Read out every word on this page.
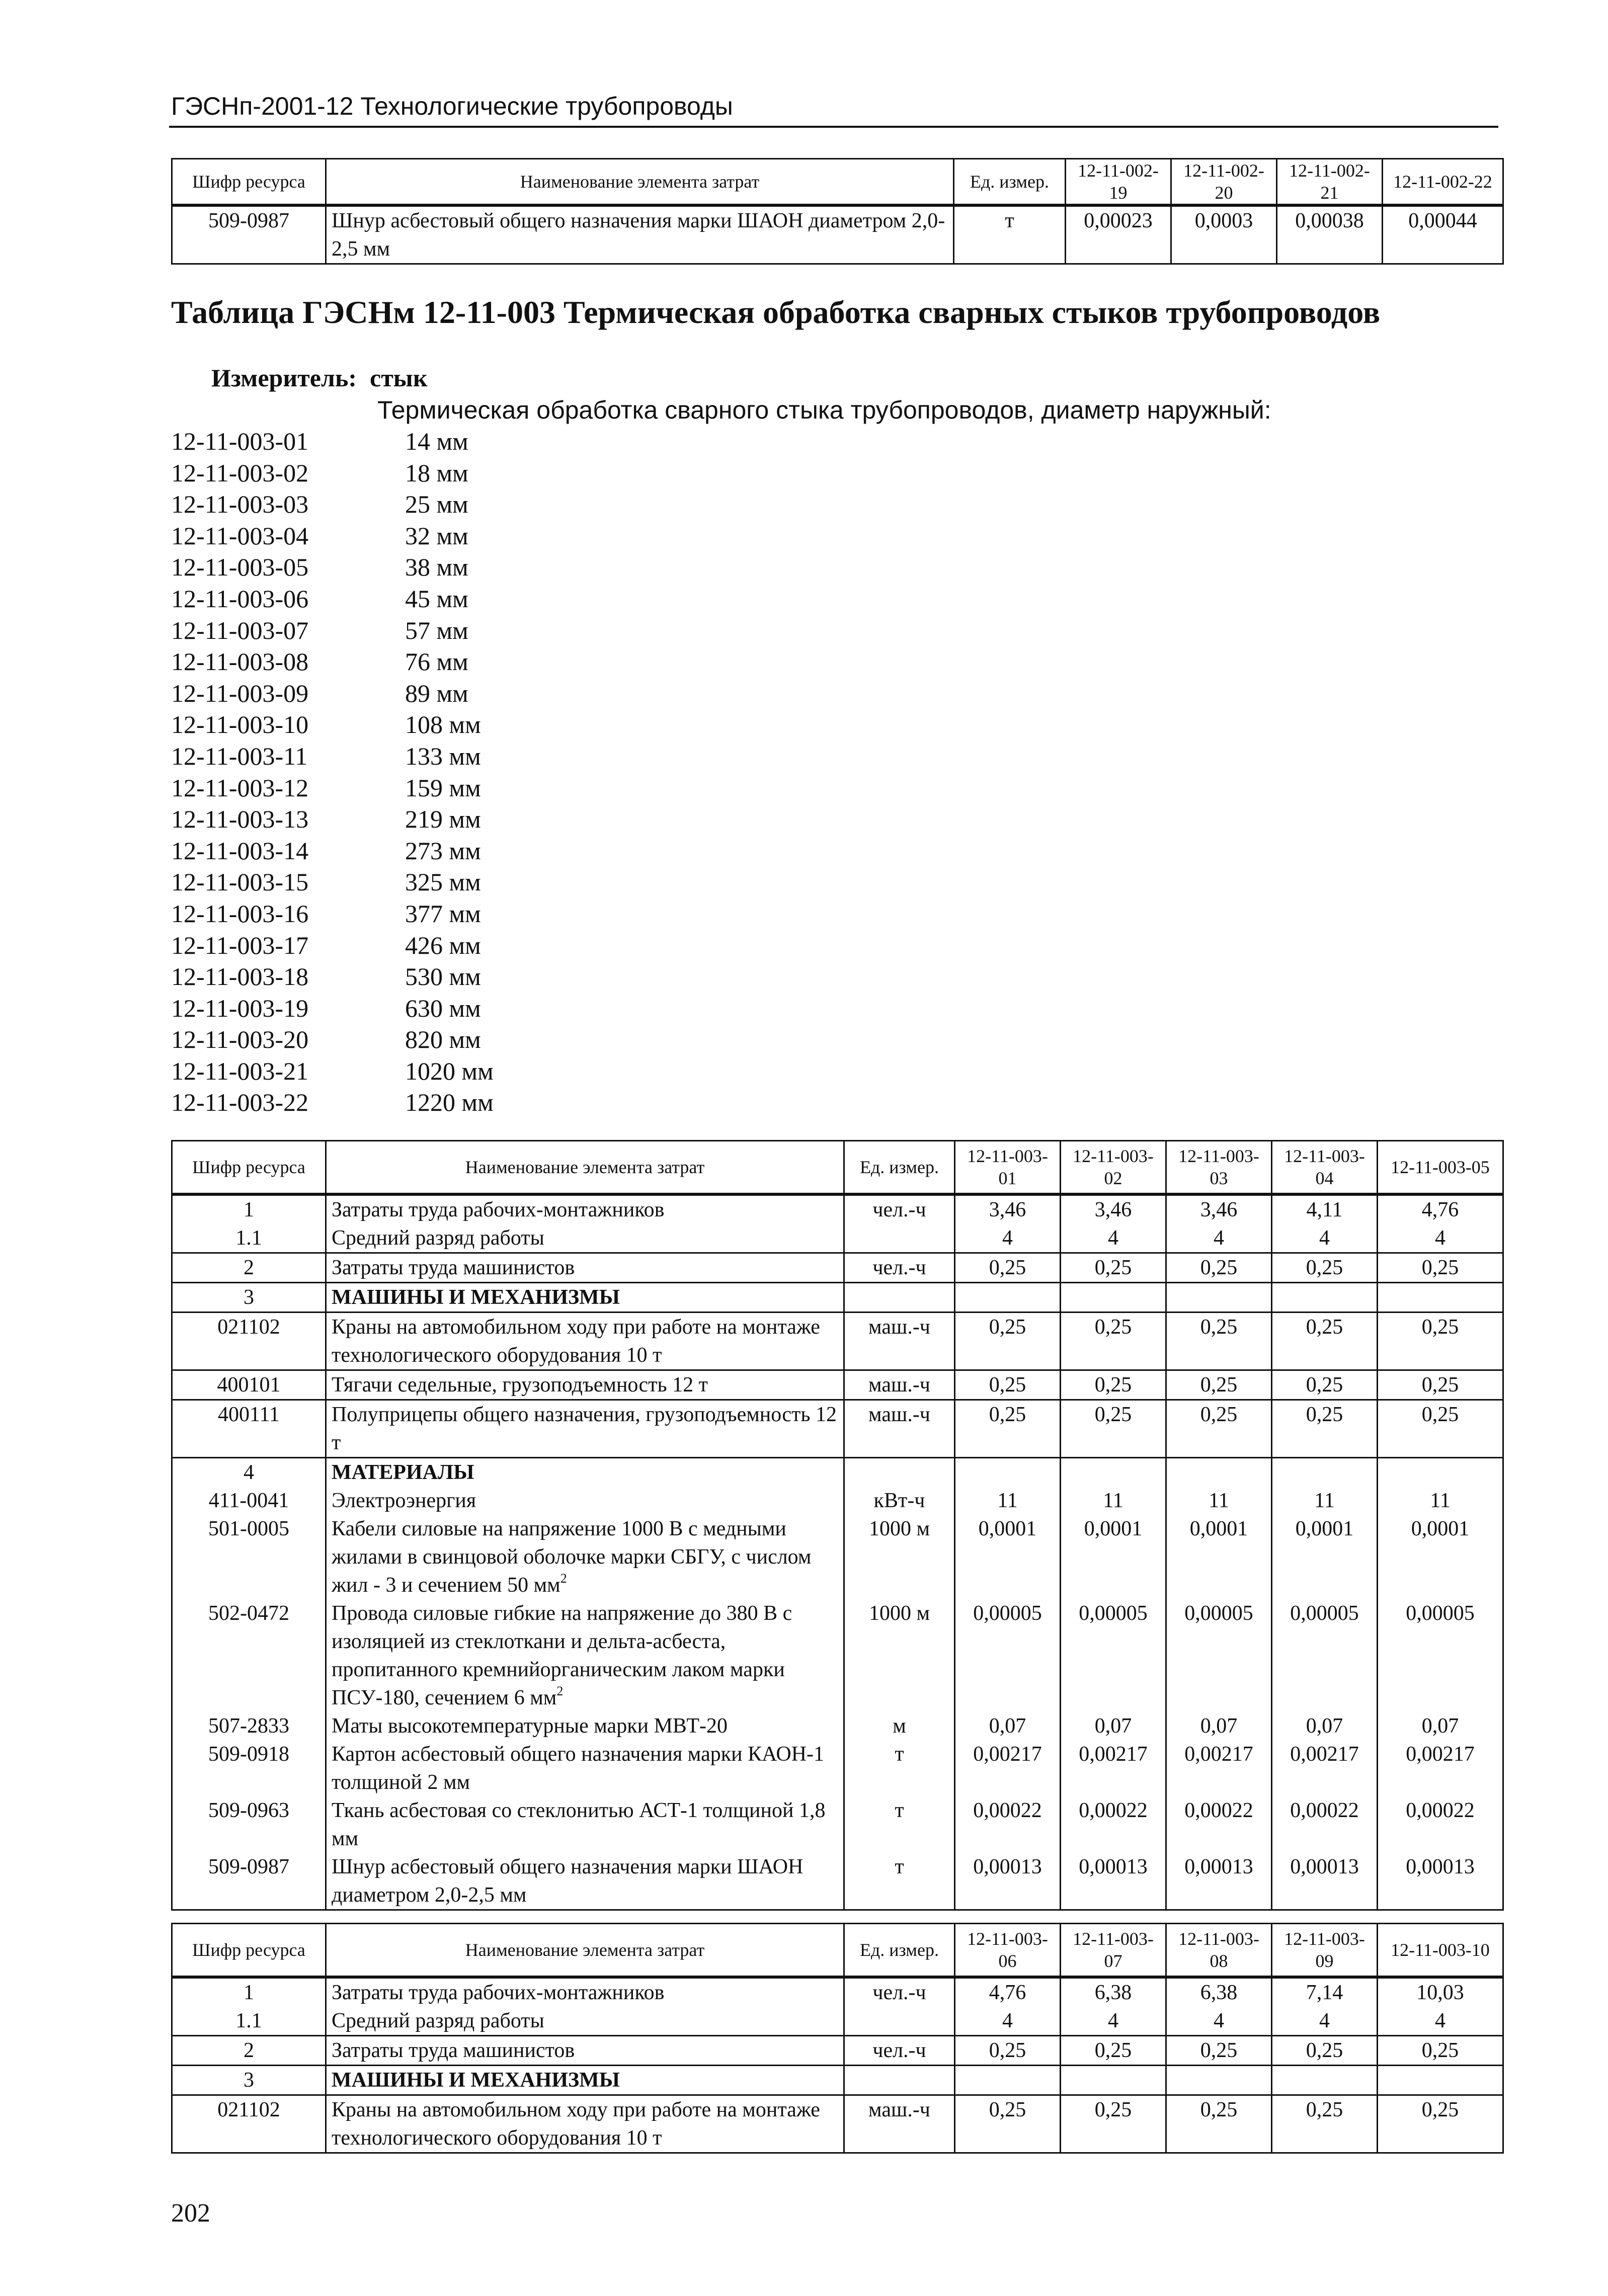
ГЭСНп-2001-12 Технологические трубопроводы
Шифр ресурса	Наименование элемента затрат	Ед. измер.	12-11-002-19	12-11-002-20	12-11-002-21	12-11-002-22
509-0987	Шнур асбестовый общего назначения марки ШАОН диаметром 2,0-2,5 мм	т	0,00023	0,0003	0,00038	0,00044
Таблица ГЭСНм 12-11-003 Термическая обработка сварных стыков трубопроводов
Измеритель: стык
Термическая обработка сварного стыка трубопроводов, диаметр наружный:
12-11-003-01	14 мм
12-11-003-02	18 мм
12-11-003-03	25 мм
12-11-003-04	32 мм
12-11-003-05	38 мм
12-11-003-06	45 мм
12-11-003-07	57 мм
12-11-003-08	76 мм
12-11-003-09	89 мм
12-11-003-10	108 мм
12-11-003-11	133 мм
12-11-003-12	159 мм
12-11-003-13	219 мм
12-11-003-14	273 мм
12-11-003-15	325 мм
12-11-003-16	377 мм
12-11-003-17	426 мм
12-11-003-18	530 мм
12-11-003-19	630 мм
12-11-003-20	820 мм
12-11-003-21	1020 мм
12-11-003-22	1220 мм
Шифр ресурса	Наименование элемента затрат	Ед. измер.	12-11-003-01	12-11-003-02	12-11-003-03	12-11-003-04	12-11-003-05
1	Затраты труда рабочих-монтажников	чел.-ч	3,46	3,46	3,46	4,11	4,76
1.1	Средний разряд работы		4	4	4	4	4
2	Затраты труда машинистов	чел.-ч	0,25	0,25	0,25	0,25	0,25
3	МАШИНЫ И МЕХАНИЗМЫ						
021102	Краны на автомобильном ходу при работе на монтаже технологического оборудования 10 т	маш.-ч	0,25	0,25	0,25	0,25	0,25
400101	Тягачи седельные, грузоподъемность 12 т	маш.-ч	0,25	0,25	0,25	0,25	0,25
400111	Полуприцепы общего назначения, грузоподъемность 12 т	маш.-ч	0,25	0,25	0,25	0,25	0,25
4	МАТЕРИАЛЫ						
411-0041	Электроэнергия	кВт-ч	11	11	11	11	11
501-0005	Кабели силовые на напряжение 1000 В с медными жилами в свинцовой оболочке марки СБГУ, с числом жил - 3 и сечением 50 $мм^2$	1000 м	0,0001	0,0001	0,0001	0,0001	0,0001
502-0472	Провода силовые гибкие на напряжение до 380 В с изоляцией из стеклоткани и дельта-асбеста, пропитанного кремнийорганическим лаком марки ПСУ-180, сечением 6 $мм^2$	1000 м	0,00005	0,00005	0,00005	0,00005	0,00005
507-2833	Маты высокотемпературные марки МВТ-20	м	0,07	0,07	0,07	0,07	0,07
509-0918	Картон асбестовый общего назначения марки КАОН-1 толщиной 2 мм	т	0,00217	0,00217	0,00217	0,00217	0,00217
509-0963	Ткань асбестовая со стеклонитью АСТ-1 толщиной 1,8 мм	т	0,00022	0,00022	0,00022	0,00022	0,00022
509-0987	Шнур асбестовый общего назначения марки ШАОН диаметром 2,0-2,5 мм	т	0,00013	0,00013	0,00013	0,00013	0,00013
Шифр ресурса	Наименование элемента затрат	Ед. измер.	12-11-003-06	12-11-003-07	12-11-003-08	12-11-003-09	12-11-003-10
1	Затраты труда рабочих-монтажников	чел.-ч	4,76	6,38	6,38	7,14	10,03
1.1	Средний разряд работы		4	4	4	4	4
2	Затраты труда машинистов	чел.-ч	0,25	0,25	0,25	0,25	0,25
3	МАШИНЫ И МЕХАНИЗМЫ						
021102	Краны на автомобильном ходу при работе на монтаже технологического оборудования 10 т	маш.-ч	0,25	0,25	0,25	0,25	0,25
202
